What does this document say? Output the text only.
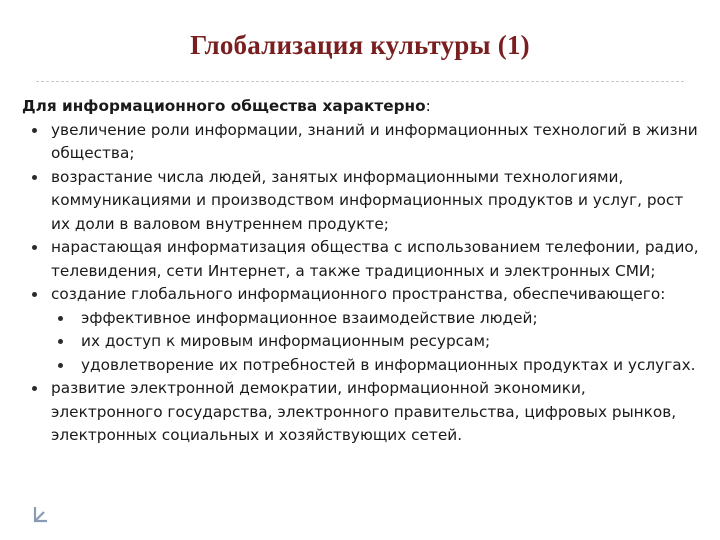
Глобализация культуры (1)

Для информационного общества характерно:

увеличение роли информации, знаний и информационных технологий в жизни общества;
возрастание числа людей, занятых информационными технологиями, коммуникациями и производством информационных продуктов и услуг, рост их доли в валовом внутреннем продукте;
нарастающая информатизация общества с использованием телефонии, радио, телевидения, сети Интернет, а также традиционных и электронных СМИ;
создание глобального информационного пространства, обеспечивающего:
эффективное информационное взаимодействие людей;
их доступ к мировым информационным ресурсам;
удовлетворение их потребностей в информационных продуктах и услугах.
развитие электронной демократии, информационной экономики, электронного государства, электронного правительства, цифровых рынков, электронных социальных и хозяйствующих сетей.
